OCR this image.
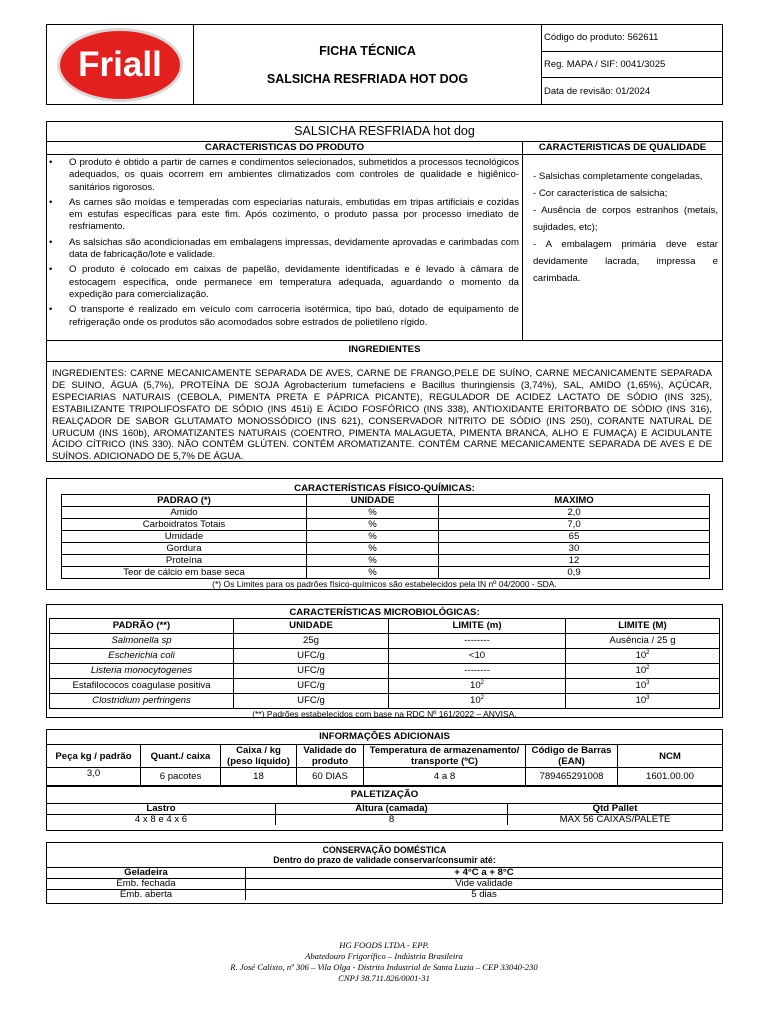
Friall	FICHA TÉCNICA
SALSICHA RESFRIADA HOT DOG
Código do produto: 562611
Reg. MAPA / SIF: 0041/3025
Data de revisão: 01/2024
SALSICHA RESFRIADA hot dog
CARACTERISTICAS DO PRODUTO
• O produto é obtido a partir de carnes e condimentos selecionados, submetidos a processos tecnológicos adequados, os quais ocorrem em ambientes climatizados com controles de qualidade e higiênico-sanitários rigorosos.
• As carnes são moídas e temperadas com especiarias naturais, embutidas em tripas artificiais e cozidas em estufas específicas para este fim. Após cozimento, o produto passa por processo imediato de resfriamento.
• As salsichas são acondicionadas em embalagens impressas, devidamente aprovadas e carimbadas com data de fabricação/lote e validade.
• O produto é colocado em caixas de papelão, devidamente identificadas e é levado à câmara de estocagem específica, onde permanece em temperatura adequada, aguardando o momento da expedição para comercialização.
• O transporte é realizado em veículo com carroceria isotérmica, tipo baú, dotado de equipamento de refrigeração onde os produtos são acomodados sobre estrados de polietileno rígido.
CARACTERISTICAS DE QUALIDADE
- Salsichas completamente congeladas,
- Cor característica de salsicha;
- Ausência de corpos estranhos (metais, sujidades, etc);
- A embalagem primária deve estar devidamente lacrada, impressa e carimbada.
INGREDIENTES
INGREDIENTES: CARNE MECANICAMENTE SEPARADA DE AVES, CARNE DE FRANGO,PELE DE SUÍNO, CARNE MECANICAMENTE SEPARADA DE SUINO, ÁGUA (5,7%), PROTEÍNA DE SOJA Agrobacterium tumefaciens e Bacillus thuringiensis (3,74%), SAL, AMIDO (1,65%), AÇÚCAR, ESPECIARIAS NATURAIS (CEBOLA, PIMENTA PRETA E PÁPRICA PICANTE), REGULADOR DE ACIDEZ LACTATO DE SÓDIO (INS 325), ESTABILIZANTE TRIPOLIFOSFATO DE SÓDIO (INS 451i) E ÁCIDO FOSFÓRICO (INS 338), ANTIOXIDANTE ERITORBATO DE SÓDIO (INS 316), REALÇADOR DE SABOR GLUTAMATO MONOSSÓDICO (INS 621), CONSERVADOR NITRITO DE SÓDIO (INS 250), CORANTE NATURAL DE URUCUM (INS 160b), AROMATIZANTES NATURAIS (COENTRO, PIMENTA MALAGUETA, PIMENTA BRANCA, ALHO E FUMAÇA) E ACIDULANTE ÁCIDO CÍTRICO (INS 330). NÃO CONTÉM GLÚTEN. CONTÉM AROMATIZANTE. CONTÉM CARNE MECANICAMENTE SEPARADA DE AVES E DE SUÍNOS. ADICIONADO DE 5,7% DE ÁGUA.
CARACTERÍSTICAS FÍSICO-QUÍMICAS:
PADRAO (*)	UNIDADE	MAXIMO
Amido	%	2,0
Carboidratos Totais	%	7,0
Umidade	%	65
Gordura	%	30
Proteína	%	12
Teor de cálcio em base seca	%	0,9
(*) Os Limites para os padrões físico-químicos são estabelecidos pela IN nº 04/2000 - SDA.
CARACTERÍSTICAS MICROBIOLÓGICAS:
PADRÃO (**)	UNIDADE	LIMITE (m)	LIMITE (M)
Salmonella sp	25g	--------	Ausência / 25 g
Escherichia coli	UFC/g	<10	$10^2$
Listeria monocytogenes	UFC/g	--------	$10^2$
Estafilococos coagulase positiva	UFC/g	$10^2$	$10^3$
Clostridium perfringens	UFC/g	$10^2$	$10^3$
(**) Padrões estabelecidos com base na RDC Nº 161/2022 – ANVISA.
INFORMAÇÕES ADICIONAIS
Peça kg / padrão	Quant./ caixa	Caixa / kg (peso líquido)	Validade do produto	Temperatura de armazenamento/ transporte (ºC)	Código de Barras (EAN)	NCM
3,0	6 pacotes	18	60 DIAS	4 a 8	789465291008	1601.00.00
PALETIZAÇÃO
Lastro	Altura (camada)	Qtd Pallet
4 x 8 e 4 x 6	8	MAX 56 CAIXAS/PALETE
CONSERVAÇÃO DOMÉSTICA
Dentro do prazo de validade conservar/consumir até:
Geladeira	+ 4°C a + 8°C
Emb. fechada	Vide validade
Emb. aberta	5 dias
HG FOODS LTDA - EPP.
Abatedouro Frigorífico – Indústria Brasileira
R. José Calixto, nº 306 – Vila Olga - Distrito Industrial de Santa Luzia – CEP 33040-230
CNPJ 38.711.826/0001-31
